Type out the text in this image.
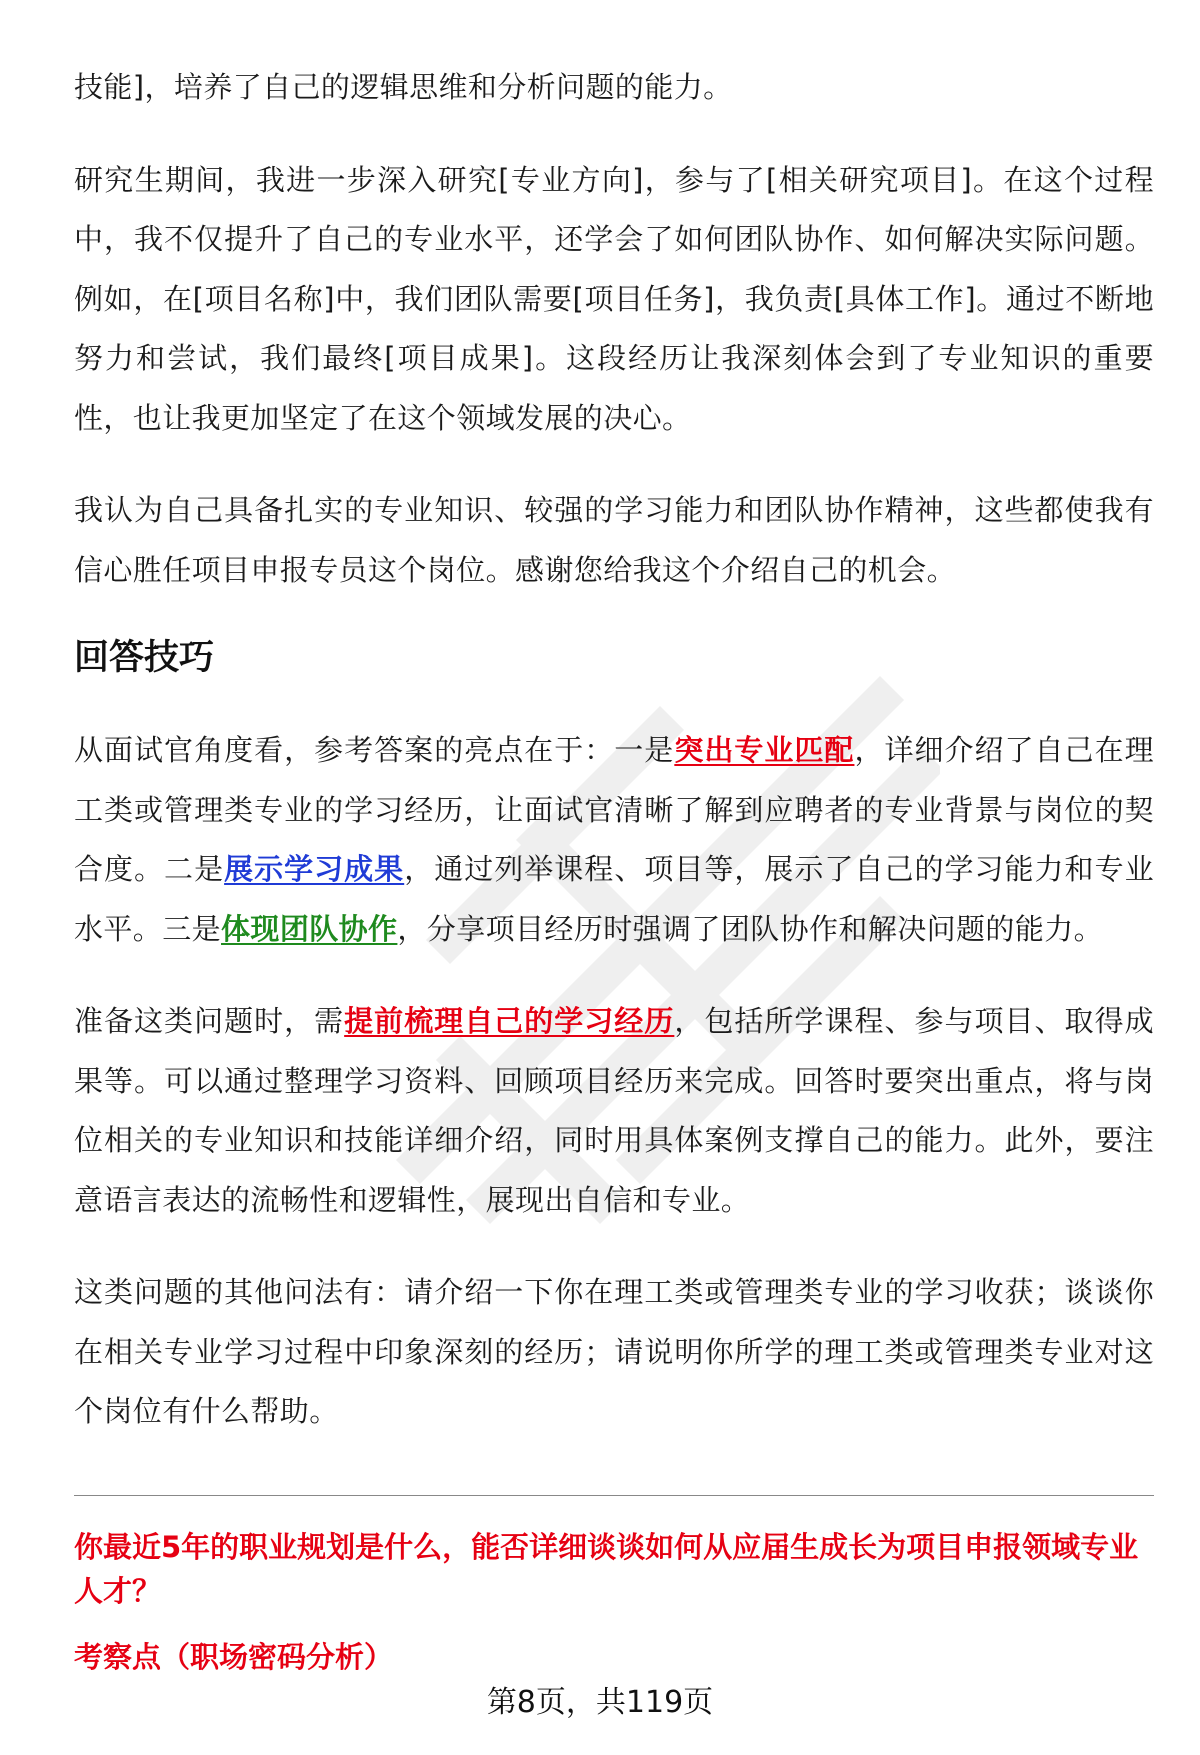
技能]，培养了自己的逻辑思维和分析问题的能力。

研究生期间，我进一步深入研究[专业方向]，参与了[相关研究项目]。在这个过程中，我不仅提升了自己的专业水平，还学会了如何团队协作、如何解决实际问题。例如，在[项目名称]中，我们团队需要[项目任务]，我负责[具体工作]。通过不断地努力和尝试，我们最终[项目成果]。这段经历让我深刻体会到了专业知识的重要性，也让我更加坚定了在这个领域发展的决心。

我认为自己具备扎实的专业知识、较强的学习能力和团队协作精神，这些都使我有信心胜任项目申报专员这个岗位。感谢您给我这个介绍自己的机会。

回答技巧

从面试官角度看，参考答案的亮点在于：一是突出专业匹配，详细介绍了自己在理工类或管理类专业的学习经历，让面试官清晰了解到应聘者的专业背景与岗位的契合度。二是展示学习成果，通过列举课程、项目等，展示了自己的学习能力和专业水平。三是体现团队协作，分享项目经历时强调了团队协作和解决问题的能力。

准备这类问题时，需提前梳理自己的学习经历，包括所学课程、参与项目、取得成果等。可以通过整理学习资料、回顾项目经历来完成。回答时要突出重点，将与岗位相关的专业知识和技能详细介绍，同时用具体案例支撑自己的能力。此外，要注意语言表达的流畅性和逻辑性，展现出自信和专业。

这类问题的其他问法有：请介绍一下你在理工类或管理类专业的学习收获；谈谈你在相关专业学习过程中印象深刻的经历；请说明你所学的理工类或管理类专业对这个岗位有什么帮助。

你最近5年的职业规划是什么，能否详细谈谈如何从应届生成长为项目申报领域专业人才？

考察点（职场密码分析）

第8页，共119页
